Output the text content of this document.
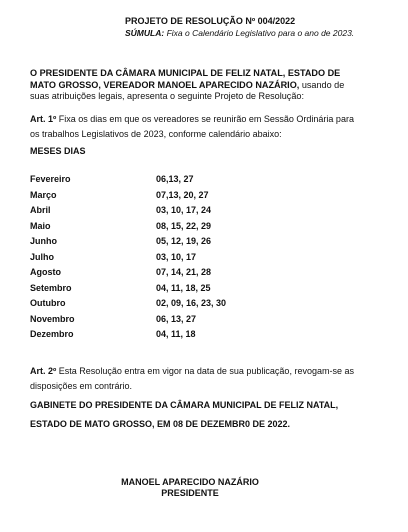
PROJETO DE RESOLUÇÃO Nº 004/2022
SÚMULA: Fixa o Calendário Legislativo para o ano de 2023.
O PRESIDENTE DA CÂMARA MUNICIPAL DE FELIZ NATAL, ESTADO DE MATO GROSSO, VEREADOR MANOEL APARECIDO NAZÁRIO, usando de suas atribuições legais, apresenta o seguinte Projeto de Resolução:
Art. 1º Fixa os dias em que os vereadores se reunirão em Sessão Ordinária para os trabalhos Legislativos de 2023, conforme calendário abaixo:
MESES DIAS
Fevereiro	06,13, 27
Março	07,13, 20, 27
Abril	03, 10, 17, 24
Maio	08, 15, 22, 29
Junho	05, 12, 19, 26
Julho	03, 10, 17
Agosto	07, 14, 21, 28
Setembro	04, 11, 18, 25
Outubro	02, 09, 16, 23, 30
Novembro	06, 13, 27
Dezembro	04, 11, 18
Art. 2º Esta Resolução entra em vigor na data de sua publicação, revogam-se as disposições em contrário.
GABINETE DO PRESIDENTE DA CÂMARA MUNICIPAL DE FELIZ NATAL, ESTADO DE MATO GROSSO, EM 08 DE DEZEMBR0 DE 2022.
MANOEL APARECIDO NAZÁRIO
PRESIDENTE
